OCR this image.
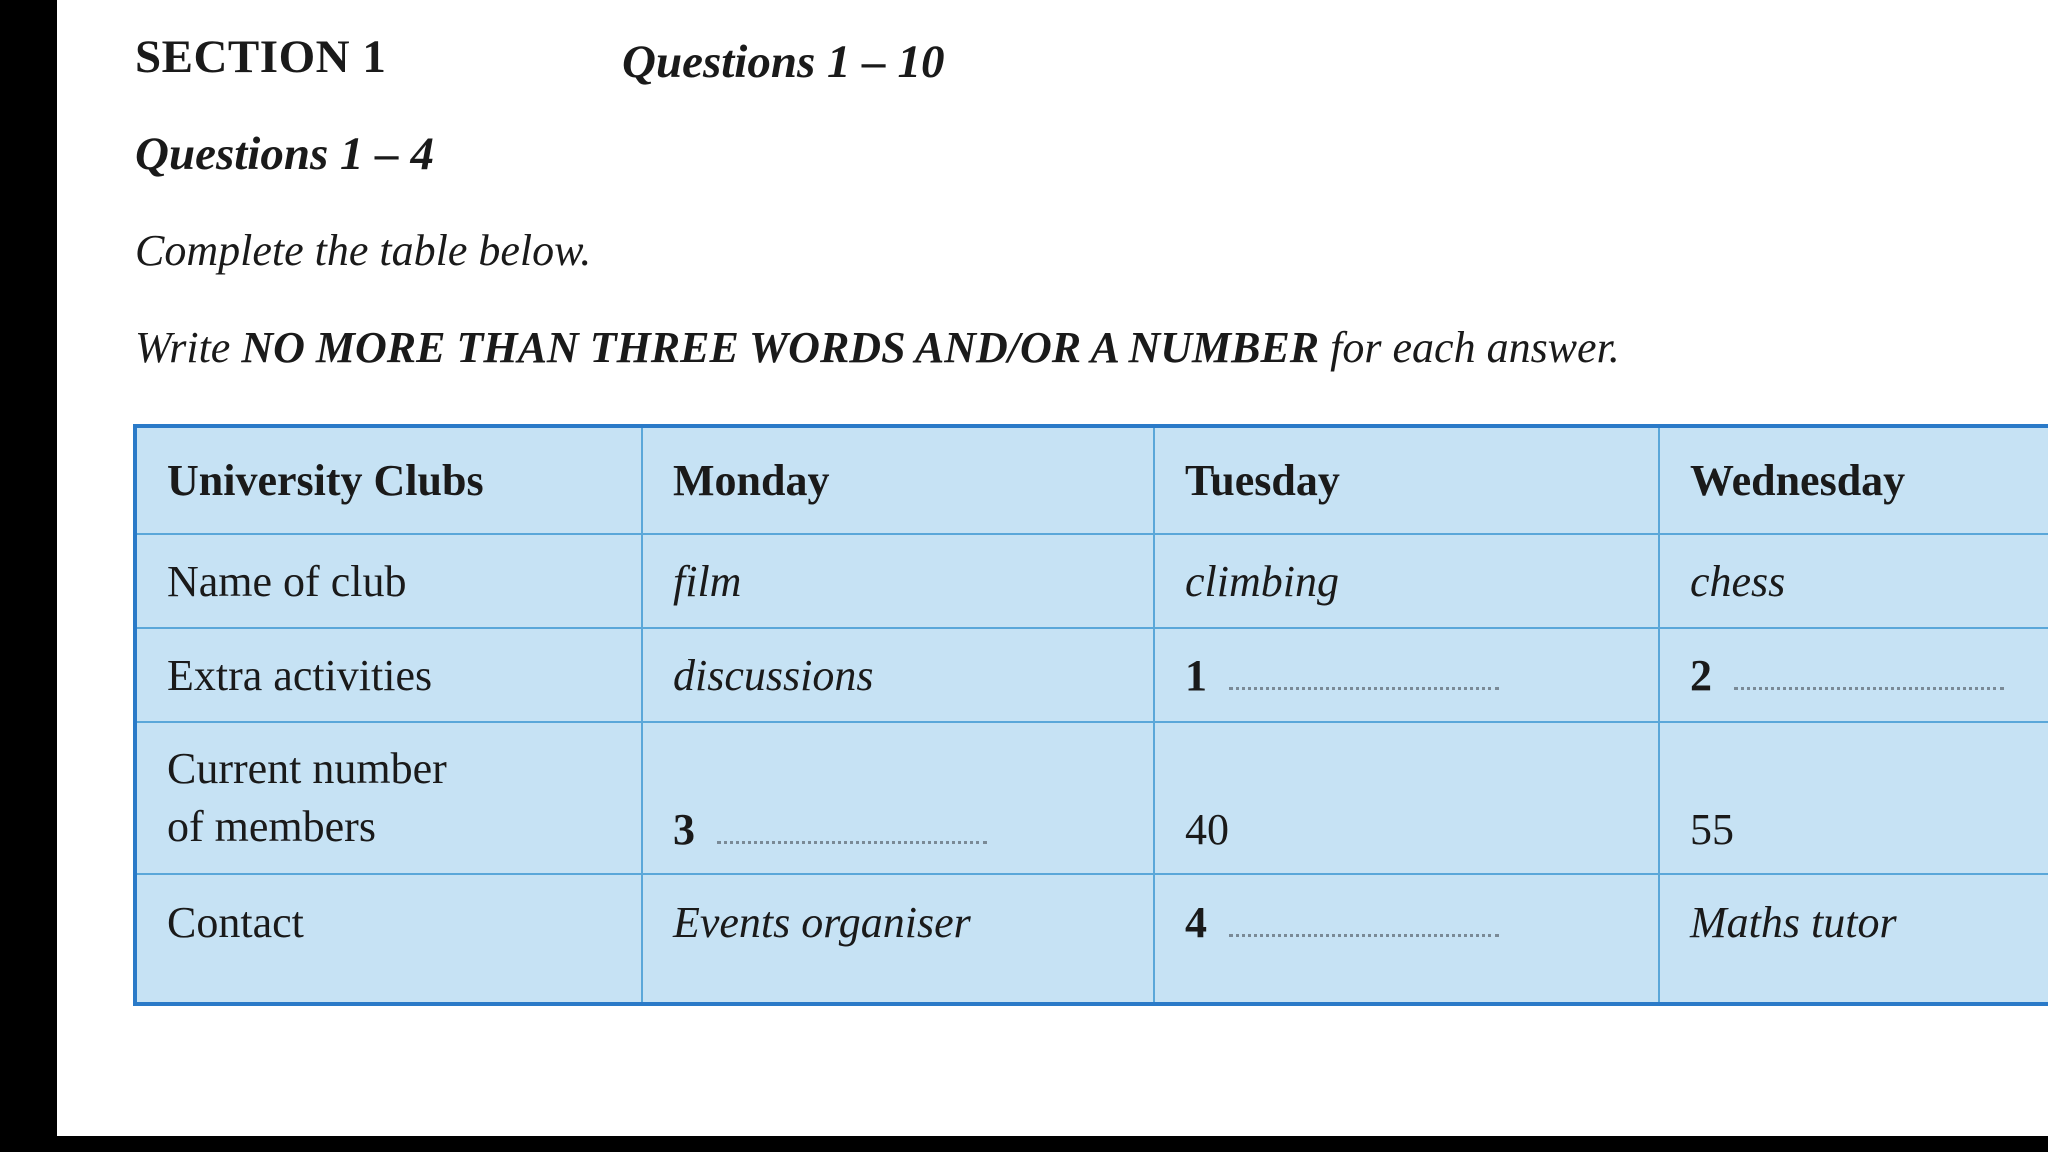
SECTION 1	Questions 1 – 10
Questions 1 – 4

Complete the table below.

Write NO MORE THAN THREE WORDS AND/OR A NUMBER for each answer.

University Clubs	Monday	Tuesday	Wednesday
Name of club	film	climbing	chess
Extra activities	discussions	1	2
Current number
of members	3	40	55
Contact	Events organiser	4	Maths tutor
